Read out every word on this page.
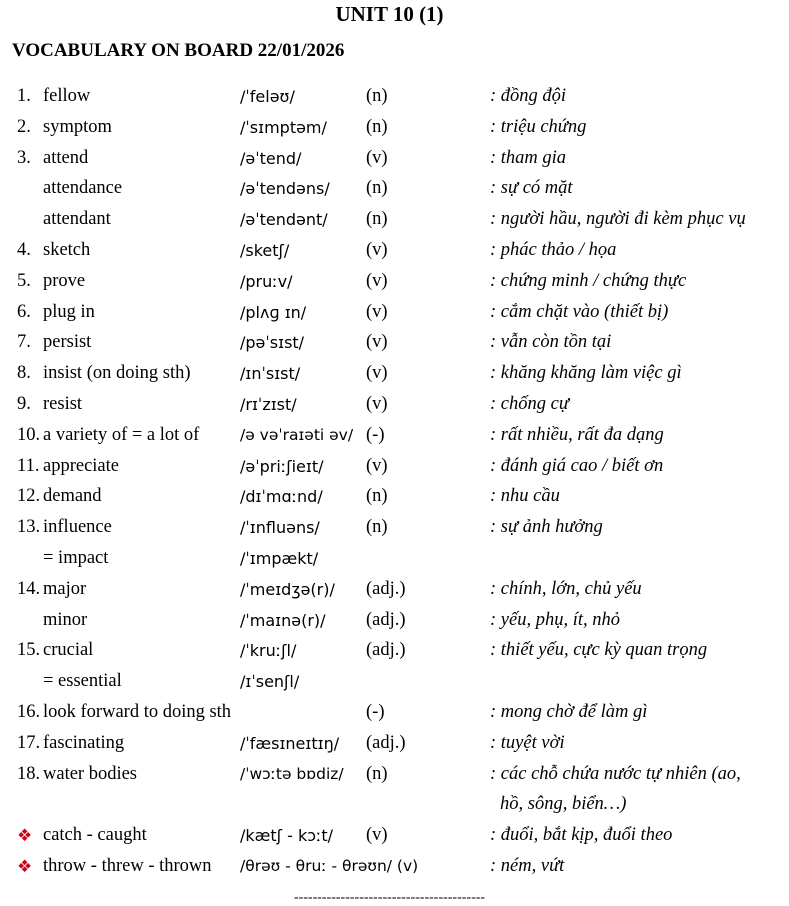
UNIT 10 (1)
VOCABULARY ON BOARD 22/01/2026
1. fellow	/ˈfeləʊ/	(n)	: đồng đội
2. symptom	/ˈsɪmptəm/ (n)	: triệu chứng
3. attend	/əˈtend/	(v)	: tham gia
attendance	/əˈtendəns/ (n)	: sự có mặt
attendant	/əˈtendənt/ (n)	: người hầu, người đi kèm phục vụ
4. sketch	/sketʃ/	(v)	: phác thảo / họa
5. prove	/pruːv/	(v)	: chứng minh / chứng thực
6. plug in	/plʌɡ ɪn/	(v)	: cắm chặt vào (thiết bị)
7. persist	/pəˈsɪst/	(v)	: vẫn còn tồn tại
8. insist (on doing sth)	/ɪnˈsɪst/	(v)	: khăng khăng làm việc gì
9. resist	/rɪˈzɪst/	(v)	: chống cự
10. a variety of = a lot of	/ə vəˈraɪəti əv/ (-)	: rất nhiều, rất đa dạng
11. appreciate	/əˈpriːʃieɪt/ (v)	: đánh giá cao / biết ơn
12. demand	/dɪˈmɑːnd/ (n)	: nhu cầu
13. influence	/ˈɪnfluəns/ (n)	: sự ảnh hưởng
= impact	/ˈɪmpækt/
14. major	/ˈmeɪdʒə(r)/ (adj.)	: chính, lớn, chủ yếu
minor	/ˈmaɪnə(r)/ (adj.)	: yếu, phụ, ít, nhỏ
15. crucial	/ˈkruːʃl/	(adj.)	: thiết yếu, cực kỳ quan trọng
= essential	/ɪˈsenʃl/
16. look forward to doing sth	(-)	: mong chờ để làm gì
17. fascinating	/ˈfæsɪneɪtɪŋ/ (adj.)	: tuyệt vời
18. water bodies	/ˈwɔːtə bɒdiz/ (n)	: các chỗ chứa nước tự nhiên (ao,
hồ, sông, biển…)
❖ catch - caught	/kætʃ - kɔːt/ (v)	: đuổi, bắt kịp, đuổi theo
❖ throw - threw - thrown /θrəʊ - θruː - θrəʊn/ (v)	: ném, vứt
-----------------------------------------
